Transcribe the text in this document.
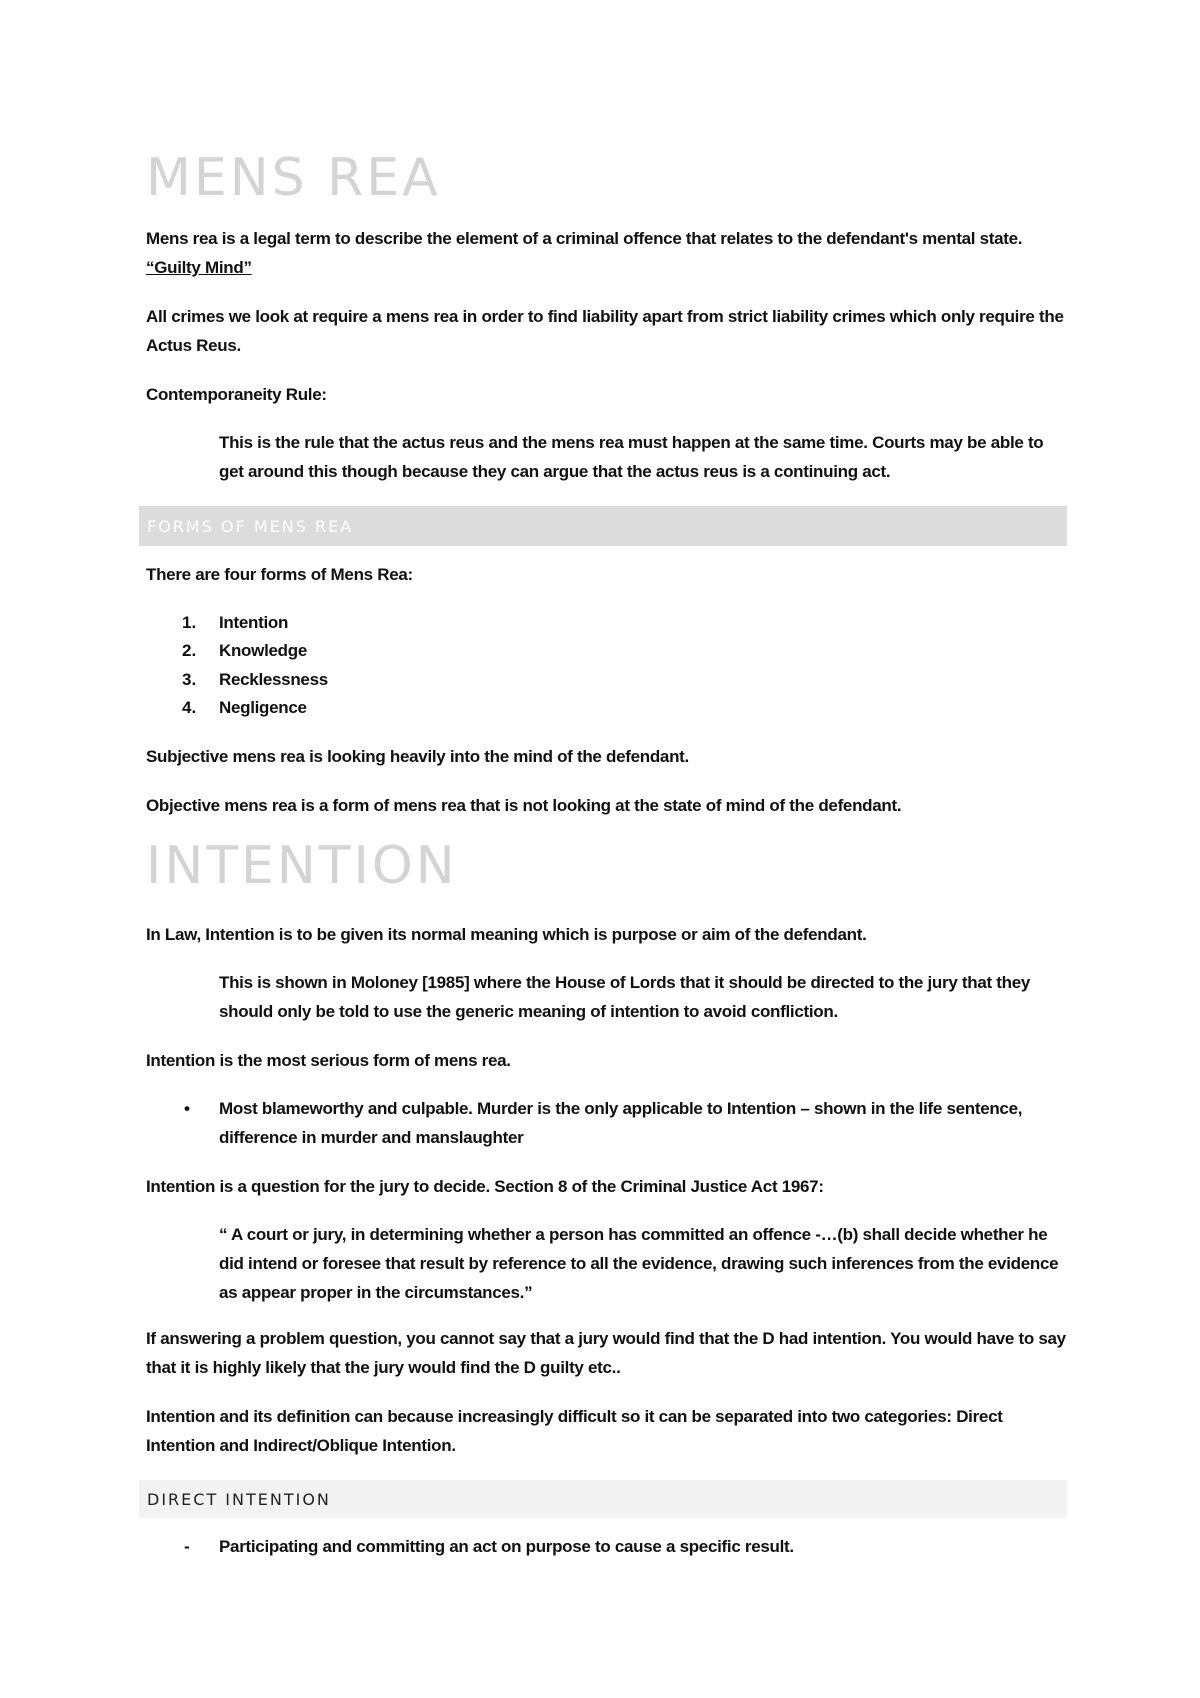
MENS REA
Mens rea is a legal term to describe the element of a criminal offence that relates to the defendant's mental state. “Guilty Mind”
All crimes we look at require a mens rea in order to find liability apart from strict liability crimes which only require the Actus Reus.
Contemporaneity Rule:
This is the rule that the actus reus and the mens rea must happen at the same time. Courts may be able to get around this though because they can argue that the actus reus is a continuing act.
FORMS OF MENS REA
There are four forms of Mens Rea:
1. Intention
2. Knowledge
3. Recklessness
4. Negligence
Subjective mens rea is looking heavily into the mind of the defendant.
Objective mens rea is a form of mens rea that is not looking at the state of mind of the defendant.
INTENTION
In Law, Intention is to be given its normal meaning which is purpose or aim of the defendant.
This is shown in Moloney [1985] where the House of Lords that it should be directed to the jury that they should only be told to use the generic meaning of intention to avoid confliction.
Intention is the most serious form of mens rea.
• Most blameworthy and culpable. Murder is the only applicable to Intention – shown in the life sentence, difference in murder and manslaughter
Intention is a question for the jury to decide. Section 8 of the Criminal Justice Act 1967:
“ A court or jury, in determining whether a person has committed an offence -…(b) shall decide whether he did intend or foresee that result by reference to all the evidence, drawing such inferences from the evidence as appear proper in the circumstances.”
If answering a problem question, you cannot say that a jury would find that the D had intention. You would have to say that it is highly likely that the jury would find the D guilty etc..
Intention and its definition can because increasingly difficult so it can be separated into two categories: Direct Intention and Indirect/Oblique Intention.
DIRECT INTENTION
- Participating and committing an act on purpose to cause a specific result.
